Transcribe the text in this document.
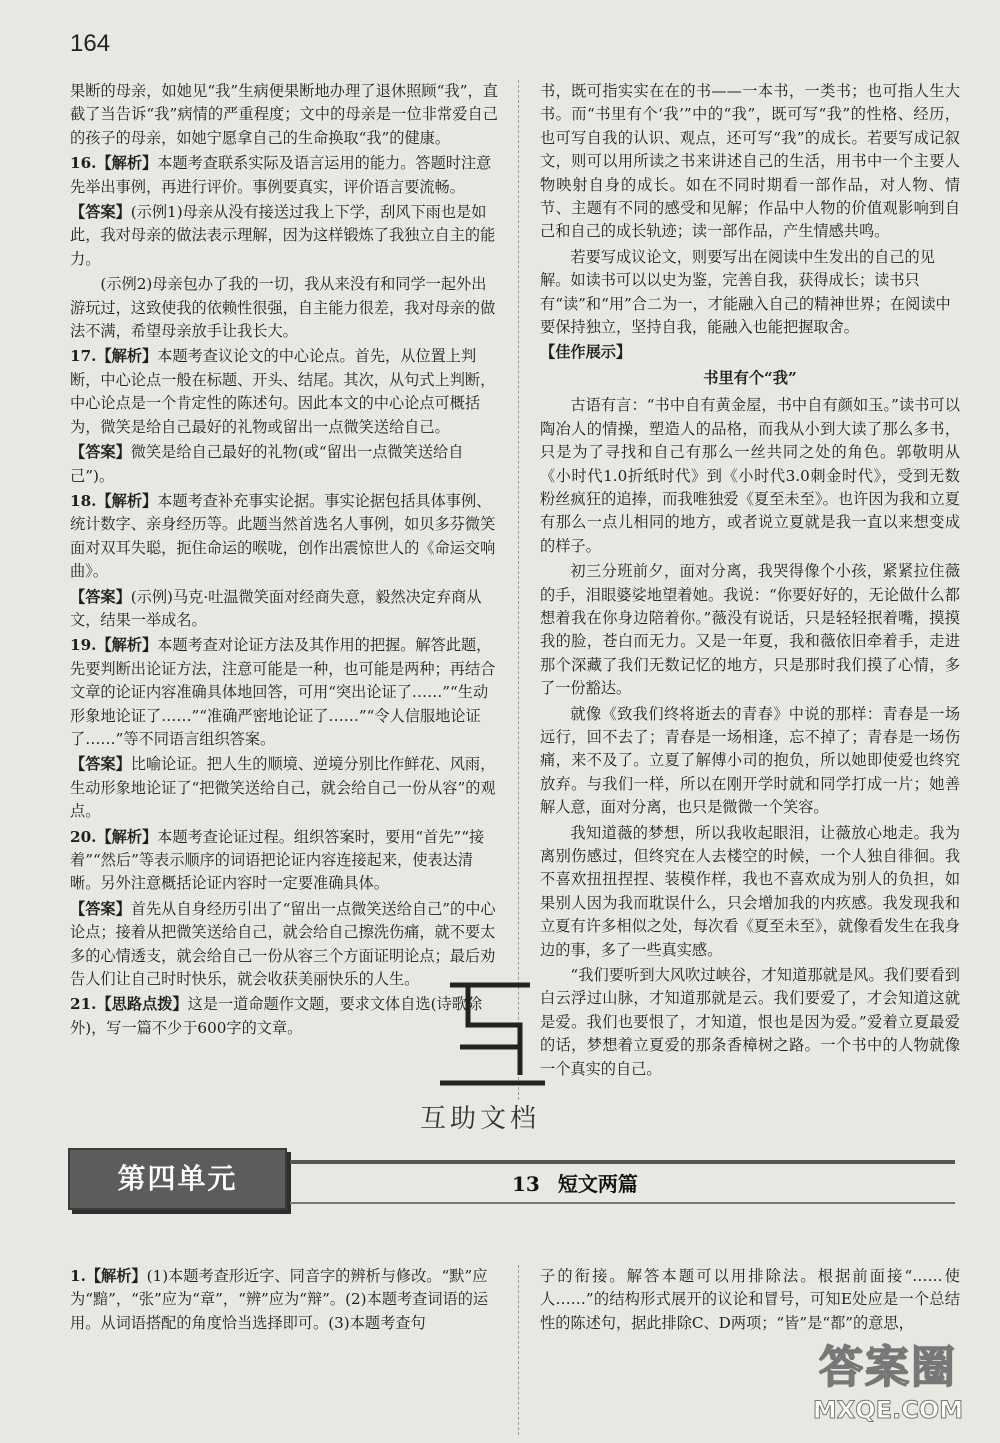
164
果断的母亲，如她见“我”生病便果断地办理了退休照顾“我”，直截了当告诉“我”病情的严重程度；文中的母亲是一位非常爱自己的孩子的母亲，如她宁愿拿自己的生命换取“我”的健康。
16.【解析】本题考查联系实际及语言运用的能力。答题时注意先举出事例，再进行评价。事例要真实，评价语言要流畅。
【答案】(示例1)母亲从没有接送过我上下学，刮风下雨也是如此，我对母亲的做法表示理解，因为这样锻炼了我独立自主的能力。
(示例2)母亲包办了我的一切，我从来没有和同学一起外出游玩过，这致使我的依赖性很强，自主能力很差，我对母亲的做法不满，希望母亲放手让我长大。
17.【解析】本题考查议论文的中心论点。首先，从位置上判断，中心论点一般在标题、开头、结尾。其次，从句式上判断，中心论点是一个肯定性的陈述句。因此本文的中心论点可概括为，微笑是给自己最好的礼物或留出一点微笑送给自己。
【答案】微笑是给自己最好的礼物(或“留出一点微笑送给自己”)。
18.【解析】本题考查补充事实论据。事实论据包括具体事例、统计数字、亲身经历等。此题当然首选名人事例，如贝多芬微笑面对双耳失聪，扼住命运的喉咙，创作出震惊世人的《命运交响曲》。
【答案】(示例)马克·吐温微笑面对经商失意，毅然决定弃商从文，结果一举成名。
19.【解析】本题考查对论证方法及其作用的把握。解答此题，先要判断出论证方法，注意可能是一种，也可能是两种；再结合文章的论证内容准确具体地回答，可用“突出论证了……”“生动形象地论证了……”“准确严密地论证了……”“令人信服地论证了……”等不同语言组织答案。
【答案】比喻论证。把人生的顺境、逆境分别比作鲜花、风雨，生动形象地论证了“把微笑送给自己，就会给自己一份从容”的观点。
20.【解析】本题考查论证过程。组织答案时，要用“首先”“接着”“然后”等表示顺序的词语把论证内容连接起来，使表达清晰。另外注意概括论证内容时一定要准确具体。
【答案】首先从自身经历引出了“留出一点微笑送给自己”的中心论点；接着从把微笑送给自己，就会给自己擦洗伤痛，就不要太多的心情透支，就会给自己一份从容三个方面证明论点；最后劝告人们让自己时时快乐，就会收获美丽快乐的人生。
21.【思路点拨】这是一道命题作文题，要求文体自选(诗歌除外)，写一篇不少于600字的文章。
书，既可指实实在在的书——一本书，一类书；也可指人生大书。而“书里有个‘我’”中的“我”，既可写“我”的性格、经历，也可写自我的认识、观点，还可写“我”的成长。若要写成记叙文，则可以用所读之书来讲述自己的生活，用书中一个主要人物映射自身的成长。如在不同时期看一部作品，对人物、情节、主题有不同的感受和见解；作品中人物的价值观影响到自己和自己的成长轨迹；读一部作品，产生情感共鸣。
若要写成议论文，则要写出在阅读中生发出的自己的见解。如读书可以以史为鉴，完善自我，获得成长；读书只有“读”和“用”合二为一，才能融入自己的精神世界；在阅读中要保持独立，坚持自我，能融入也能把握取舍。
【佳作展示】
书里有个“我”

古语有言：“书中自有黄金屋，书中自有颜如玉。”读书可以陶冶人的情操，塑造人的品格，而我从小到大读了那么多书，只是为了寻找和自己有那么一丝共同之处的角色。郭敬明从《小时代1.0折纸时代》到《小时代3.0刺金时代》，受到无数粉丝疯狂的追捧，而我唯独爱《夏至未至》。也许因为我和立夏有那么一点儿相同的地方，或者说立夏就是我一直以来想变成的样子。

初三分班前夕，面对分离，我哭得像个小孩，紧紧拉住薇的手，泪眼婆娑地望着她。我说：“你要好好的，无论做什么都想着我在你身边陪着你。”薇没有说话，只是轻轻抿着嘴，摸摸我的脸，苍白而无力。又是一年夏，我和薇依旧牵着手，走进那个深藏了我们无数记忆的地方，只是那时我们摸了心情，多了一份豁达。

就像《致我们终将逝去的青春》中说的那样：青春是一场远行，回不去了；青春是一场相逢，忘不掉了；青春是一场伤痛，来不及了。立夏了解傅小司的抱负，所以她即使爱也终究放弃。与我们一样，所以在刚开学时就和同学打成一片；她善解人意，面对分离，也只是微微一个笑容。

我知道薇的梦想，所以我收起眼泪，让薇放心地走。我为离别伤感过，但终究在人去楼空的时候，一个人独自徘徊。我不喜欢扭扭捏捏、装模作样，我也不喜欢成为别人的负担，如果别人因为我而耽误什么，只会增加我的内疚感。我发现我和立夏有许多相似之处，每次看《夏至未至》，就像看发生在我身边的事，多了一些真实感。

“我们要听到大风吹过峡谷，才知道那就是风。我们要看到白云浮过山脉，才知道那就是云。我们要爱了，才会知道这就是爱。我们也要恨了，才知道，恨也是因为爱。”爱着立夏最爱的话，梦想着立夏爱的那条香樟树之路。一个书中的人物就像一个真实的自己。

互助文档
第四单元	13 短文两篇
1.【解析】(1)本题考查形近字、同音字的辨析与修改。“默”应为“黯”，“张”应为“章”，“辨”应为“辩”。(2)本题考查词语的运用。从词语搭配的角度恰当选择即可。(3)本题考查句
子的衔接。解答本题可以用排除法。根据前面接“……使人……”的结构形式展开的议论和冒号，可知E处应是一个总结性的陈述句，据此排除C、D两项；“皆”是“都”的意思，
答案圈
MXQE.COM
